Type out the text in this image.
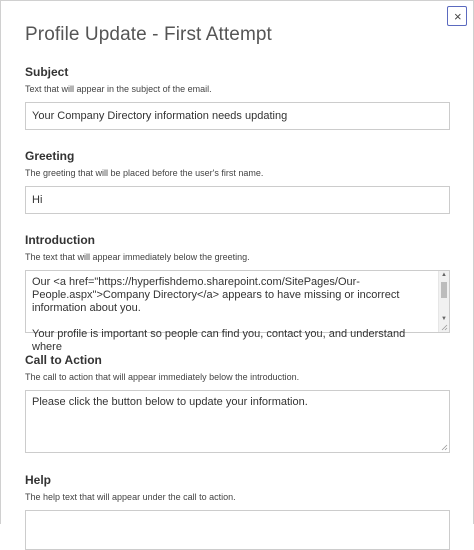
×
Profile Update - First Attempt
Subject
Text that will appear in the subject of the email.
Your Company Directory information needs updating
Greeting
The greeting that will be placed before the user's first name.
Hi
Introduction
The text that will appear immediately below the greeting.
Our <a href="https://hyperfishdemo.sharepoint.com/SitePages/Our-People.aspx">Company Directory</a> appears to have missing or incorrect information about you.

Your profile is important so people can find you, contact you, and understand where
▲
▼
Call to Action
The call to action that will appear immediately below the introduction.
Please click the button below to update your information.
Help
The help text that will appear under the call to action.
